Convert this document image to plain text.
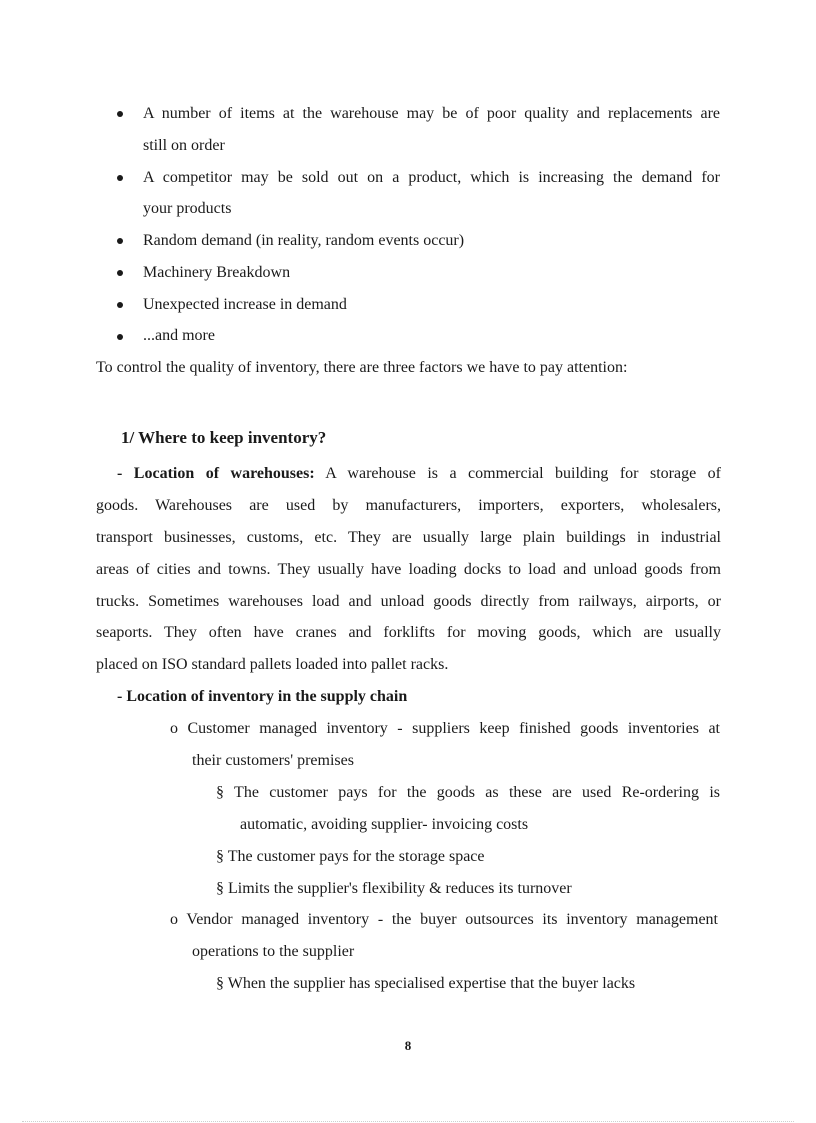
A number of items at the warehouse may be of poor quality and replacements are
still on order
A competitor may be sold out on a product, which is increasing the demand for
your products
Random demand (in reality, random events occur)
Machinery Breakdown
Unexpected increase in demand
...and more
To control the quality of inventory, there are three factors we have to pay attention:
1/ Where to keep inventory?
- Location of warehouses: A warehouse is a commercial building for storage of
goods. Warehouses are used by manufacturers, importers, exporters, wholesalers,
transport businesses, customs, etc. They are usually large plain buildings in industrial
areas of cities and towns. They usually have loading docks to load and unload goods from
trucks. Sometimes warehouses load and unload goods directly from railways, airports, or
seaports. They often have cranes and forklifts for moving goods, which are usually
placed on ISO standard pallets loaded into pallet racks.
- Location of inventory in the supply chain
o Customer managed inventory - suppliers keep finished goods inventories at
their customers' premises
§ The customer pays for the goods as these are used Re-ordering is
automatic, avoiding supplier- invoicing costs
§ The customer pays for the storage space
§ Limits the supplier's flexibility & reduces its turnover
o Vendor managed inventory - the buyer outsources its inventory management
operations to the supplier
§ When the supplier has specialised expertise that the buyer lacks
8
